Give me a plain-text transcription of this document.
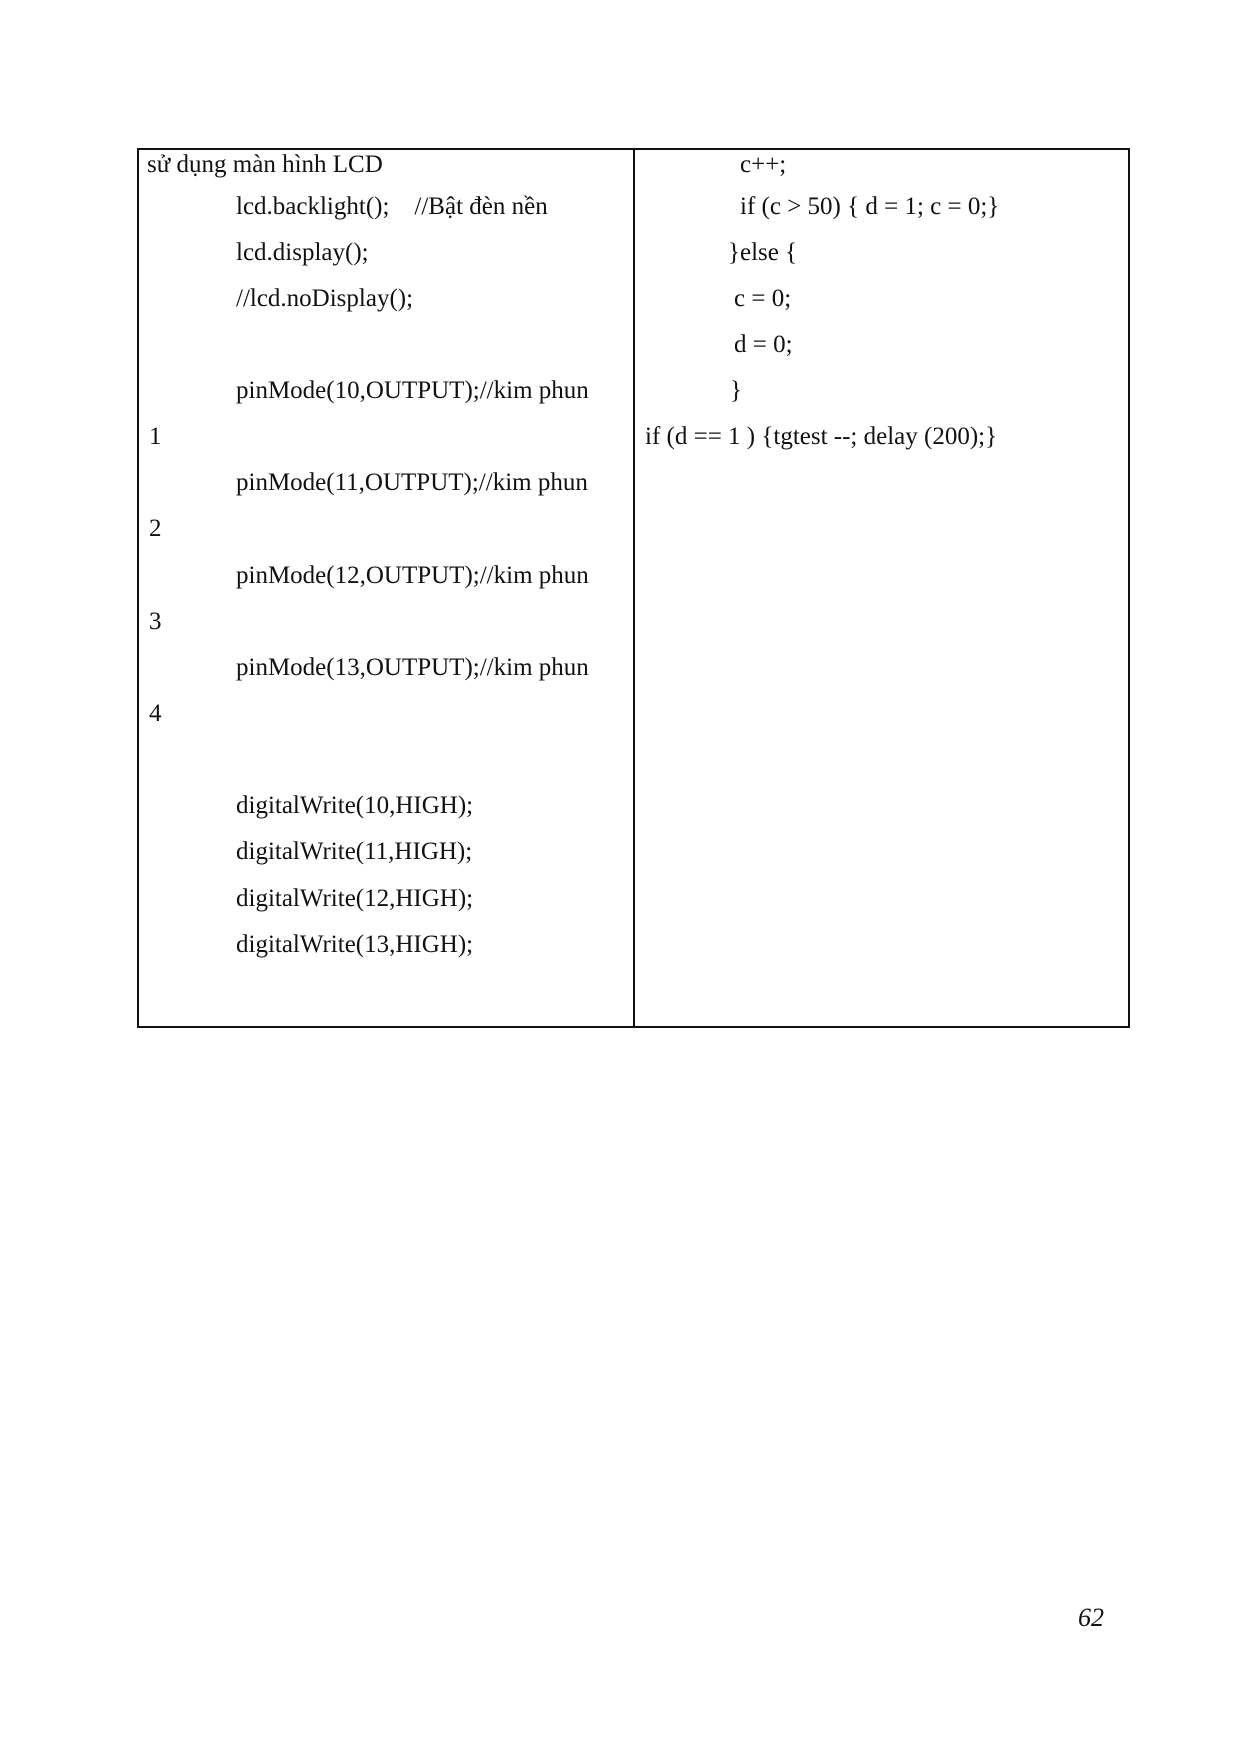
sử dụng màn hình LCD
lcd.backlight();    //Bật đèn nền
lcd.display();
//lcd.noDisplay();
pinMode(10,OUTPUT);//kim phun
1
pinMode(11,OUTPUT);//kim phun
2
pinMode(12,OUTPUT);//kim phun
3
pinMode(13,OUTPUT);//kim phun
4
digitalWrite(10,HIGH);
digitalWrite(11,HIGH);
digitalWrite(12,HIGH);
digitalWrite(13,HIGH);
c++;
if (c > 50) { d = 1; c = 0;}
}else {
c = 0;
d = 0;
}
if (d == 1 ) {tgtest --; delay (200);}
62
